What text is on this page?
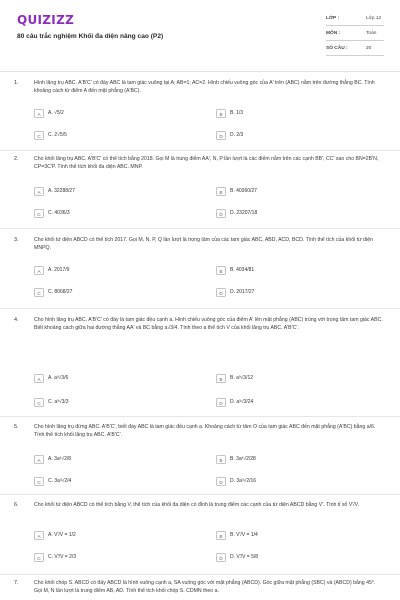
QUIZIZZ
80 câu trắc nghiệm Khối đa diện nâng cao (P2)
LỚP :	Lớp 12
MÔN :	Toán
SỐ CÂU :	20
1.	Hình lăng trụ ABC. A'B'C' có đáy ABC là tam giác vuông tại A; AB=1; AC=2. Hình chiếu vuông góc của A' trên (ABC) nằm trên đường thẳng BC. Tính khoảng cách từ điểm A đến mặt phẳng (A'BC).
A	A. √5/2	B	B. 1/3
C	C. 2√5/5	D	D. 2/3
2.	Cho khối lăng trụ ABC. A'B'C' có thể tích bằng 2018. Gọi M là trung điểm AA', N, P lần lượt là các điểm nằm trên các cạnh BB', CC' sao cho BN=2B'N, CP=3C'P. Tính thể tích khối đa diện ABC. MNP.
A	A. 32288/27	B	B. 40360/27
C	C. 4036/3	D	D. 23207/18
3.	Cho khối tứ diện ABCD có thể tích 2017. Gọi M, N, P, Q lần lượt là trọng tâm của các tam giác ABC, ABD, ACD, BCD. Tính thể tích của khối tứ diện MNPQ.
A	A. 2017/9	B	B. 4034/81
C	C. 8068/27	D	D. 2017/27
4.	Cho hình lăng trụ ABC. A'B'C' có đáy là tam giác đều cạnh a. Hình chiếu vuông góc của điểm A' lên mặt phẳng (ABC) trùng với trọng tâm tam giác ABC. Biết khoảng cách giữa hai đường thẳng AA' và BC bằng a√3/4. Tính theo a thể tích V của khối lăng trụ ABC. A'B'C'.
A	A. a³√3/6	B	B. a³√3/12
C	C. a³√3/3	D	D. a³√3/24
5.	Cho hình lăng trụ đứng ABC. A'B'C', biết đáy ABC là tam giác đều cạnh a. Khoảng cách từ tâm O của tam giác ABC đến mặt phẳng (A'BC) bằng a/6. Tính thể tích khối lăng trụ ABC. A'B'C'.
A	A. 3a³√2/8	B	B. 3a³√2/28
C	C. 3a³√2/4	D	D. 3a³√2/16
6.	Cho khối tứ diện ABCD có thể tích bằng V, thể tích của khối đa diện có đỉnh là trung điểm các cạnh của tứ diện ABCD bằng V'. Tính tỉ số V'/V.
A	A. V'/V = 1/2	B	B. V'/V = 1/4
C	C. V'/V = 2/3	D	D. V'/V = 5/8
7.	Cho khối chóp S. ABCD có đáy ABCD là hình vuông cạnh a, SA vuông góc với mặt phẳng (ABCD). Góc giữa mặt phẳng (SBC) và (ABCD) bằng 45°. Gọi M, N lần lượt là trung điểm AB, AD. Tính thể tích khối chóp S. CDMN theo a.
